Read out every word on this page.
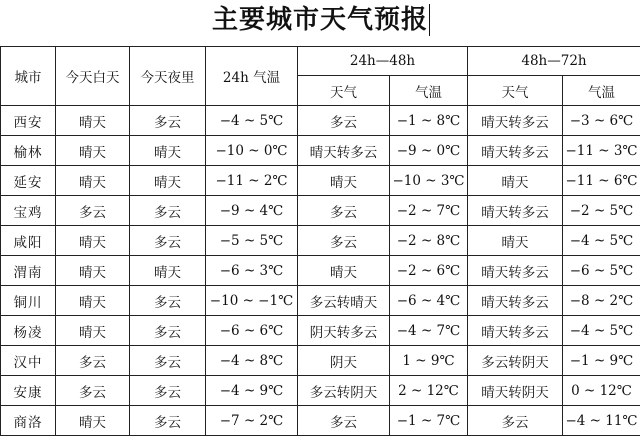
主要城市天气预报
城市	今天白天	今天夜里	24h 气温	24h—48h		48h—72h	
				天气	气温	天气	气温
西安	晴天	多云	−4 ~ 5℃	多云	−1 ~ 8℃	晴天转多云	−3 ~ 6℃
榆林	晴天	晴天	−10 ~ 0℃	晴天转多云	−9 ~ 0℃	晴天转多云	−11 ~ 3℃
延安	晴天	晴天	−11 ~ 2℃	晴天	−10 ~ 3℃	晴天	−11 ~ 6℃
宝鸡	多云	多云	−9 ~ 4℃	多云	−2 ~ 7℃	晴天转多云	−2 ~ 5℃
咸阳	晴天	多云	−5 ~ 5℃	多云	−2 ~ 8℃	晴天	−4 ~ 5℃
渭南	晴天	晴天	−6 ~ 3℃	晴天	−2 ~ 6℃	晴天转多云	−6 ~ 5℃
铜川	晴天	多云	−10 ~ −1℃	多云转晴天	−6 ~ 4℃	晴天转多云	−8 ~ 2℃
杨凌	晴天	多云	−6 ~ 6℃	阴天转多云	−4 ~ 7℃	晴天转多云	−4 ~ 5℃
汉中	多云	多云	−4 ~ 8℃	阴天	1 ~ 9℃	多云转阴天	−1 ~ 9℃
安康	多云	多云	−4 ~ 9℃	多云转阴天	2 ~ 12℃	晴天转阴天	0 ~ 12℃
商洛	晴天	多云	−7 ~ 2℃	多云	−1 ~ 7℃	多云	−4 ~ 11℃
